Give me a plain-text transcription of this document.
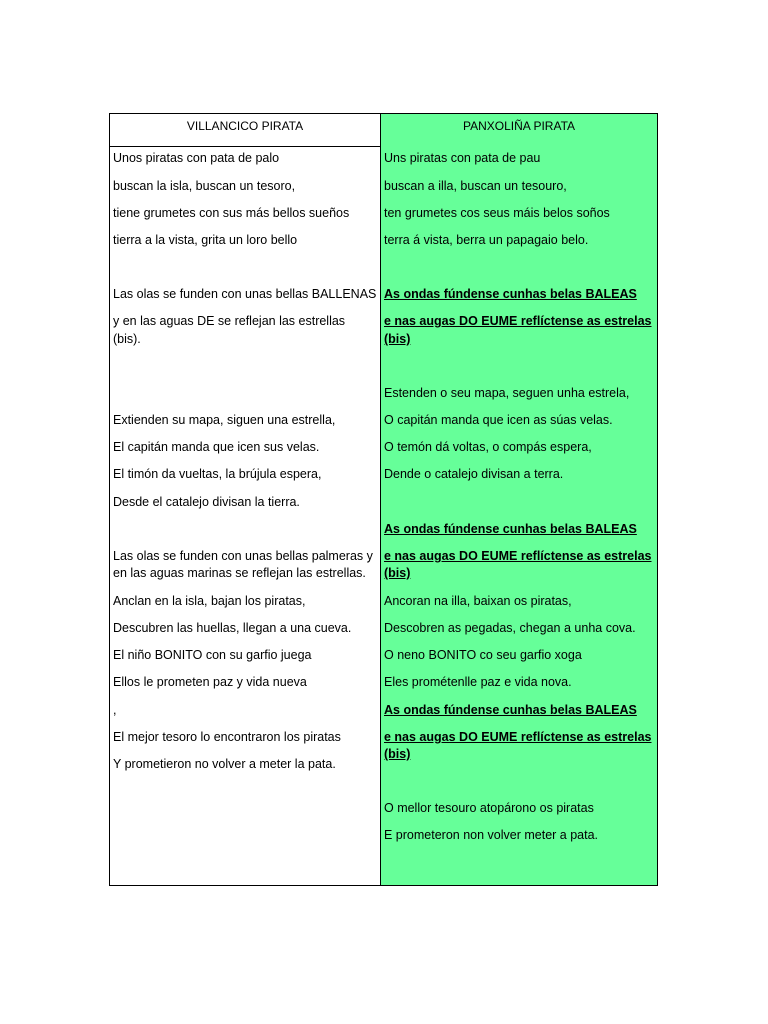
VILLANCICO PIRATA	PANXOLIÑA PIRATA
Unos piratas con pata de palo
buscan la isla, buscan un tesoro,
tiene grumetes con sus más bellos sueños
tierra a la vista, grita un loro bello
Las olas se funden con unas bellas BALLENAS
y en las aguas DE se reflejan las estrellas
(bis).
Extienden su mapa, siguen una estrella,
El capitán manda que icen sus velas.
El timón da vueltas, la brújula espera,
Desde el catalejo divisan la tierra.
Las olas se funden con unas bellas palmeras y
en las aguas marinas se reflejan las estrellas.
Anclan en la isla, bajan los piratas,
Descubren las huellas, llegan a una cueva.
El niño BONITO con su garfio juega
Ellos le prometen paz y vida nueva
,
El mejor tesoro lo encontraron los piratas
Y prometieron no volver a meter la pata.
Uns piratas con pata de pau
buscan a illa, buscan un tesouro,
ten grumetes cos seus máis belos soños
terra á vista, berra un papagaio belo.
As ondas fúndense cunhas belas BALEAS
e nas augas DO EUME reflíctense as estrelas
(bis)
Estenden o seu mapa, seguen unha estrela,
O capitán manda que icen as súas velas.
O temón dá voltas, o compás espera,
Dende o catalejo divisan a terra.
As ondas fúndense cunhas belas BALEAS
e nas augas DO EUME reflíctense as estrelas
(bis)
Ancoran na illa, baixan os piratas,
Descobren as pegadas, chegan a unha cova.
O neno BONITO co seu garfio xoga
Eles prométenlle paz e vida nova.
As ondas fúndense cunhas belas BALEAS
e nas augas DO EUME reflíctense as estrelas
(bis)
O mellor tesouro atopárono os piratas
E prometeron non volver meter a pata.
